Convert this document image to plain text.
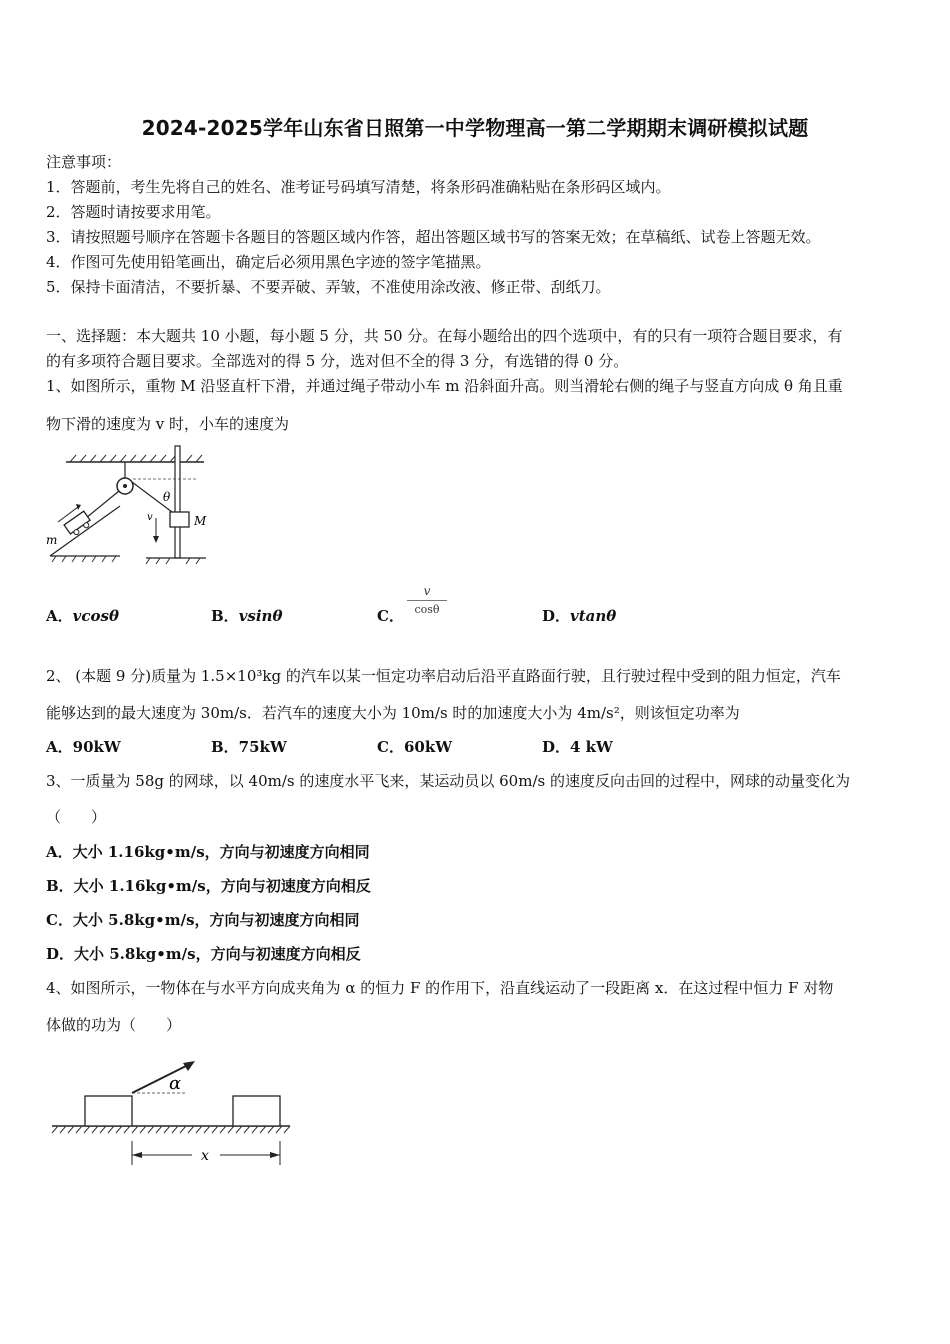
2024-2025学年山东省日照第一中学物理高一第二学期期末调研模拟试题
注意事项：
1．答题前，考生先将自己的姓名、准考证号码填写清楚，将条形码准确粘贴在条形码区域内。
2．答题时请按要求用笔。
3．请按照题号顺序在答题卡各题目的答题区域内作答，超出答题区域书写的答案无效；在草稿纸、试卷上答题无效。
4．作图可先使用铅笔画出，确定后必须用黑色字迹的签字笔描黑。
5．保持卡面清洁，不要折暴、不要弄破、弄皱，不准使用涂改液、修正带、刮纸刀。
一、选择题：本大题共 10 小题，每小题 5 分，共 50 分。在每小题给出的四个选项中，有的只有一项符合题目要求，有
的有多项符合题目要求。全部选对的得 5 分，选对但不全的得 3 分，有选错的得 0 分。
1、如图所示，重物 M 沿竖直杆下滑，并通过绳子带动小车 m 沿斜面升高。则当滑轮右侧的绳子与竖直方向成 θ 角且重
物下滑的速度为 v 时，小车的速度为
M
θ
v
m
A．vcosθ	B．vsinθ	C．
v
cosθ	D．vtanθ
2、 (本题 9 分)质量为 1.5×10³kg 的汽车以某一恒定功率启动后沿平直路面行驶，且行驶过程中受到的阻力恒定，汽车
能够达到的最大速度为 30m/s．若汽车的速度大小为 10m/s 时的加速度大小为 4m/s²，则该恒定功率为
A．90kW	B．75kW	C．60kW	D．4 kW
3、一质量为 58g 的网球，以 40m/s 的速度水平飞来，某运动员以 60m/s 的速度反向击回的过程中，网球的动量变化为
（　　）
A．大小 1.16kg•m/s，方向与初速度方向相同
B．大小 1.16kg•m/s，方向与初速度方向相反
C．大小 5.8kg•m/s，方向与初速度方向相同
D．大小 5.8kg•m/s，方向与初速度方向相反
4、如图所示，一物体在与水平方向成夹角为 α 的恒力 F 的作用下，沿直线运动了一段距离 x．在这过程中恒力 F 对物
体做的功为（　　）
α
x
